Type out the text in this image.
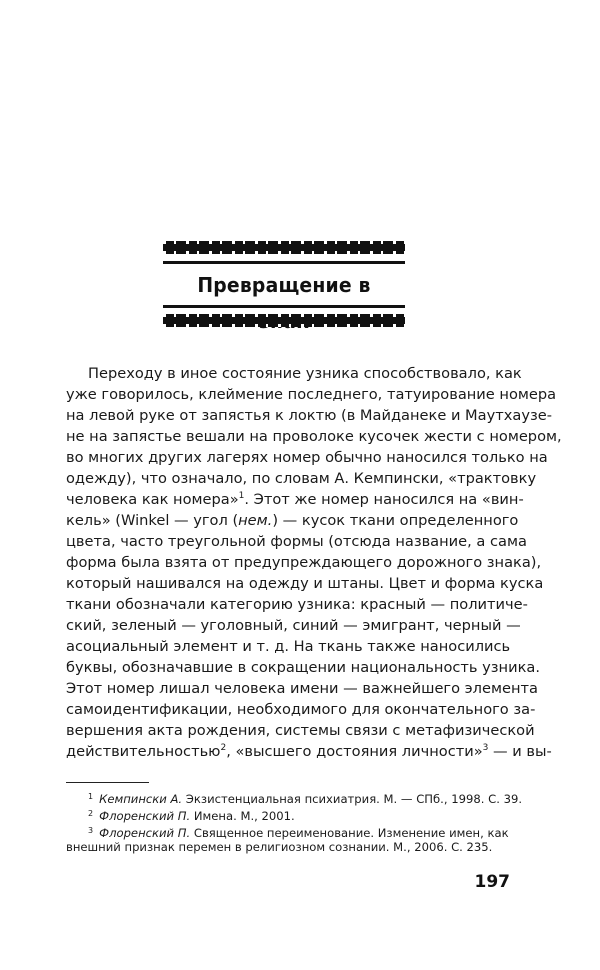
Превращение в
Переходу в иное состояние узника способствовало, как
уже говорилось, клеймение последнего, татуирование номера
на левой руке от запястья к локтю (в Майданеке и Маутхаузе-
не на запястье вешали на проволоке кусочек жести с номером,
во многих других лагерях номер обычно наносился только на
одежду), что означало, по словам А. Кемпински, «трактовку
человека как номера»$^1$. Этот же номер наносился на «вин-
кель» (Winkel — угол (нем.) — кусок ткани определенного
цвета, часто треугольной формы (отсюда название, а сама
форма была взята от предупреждающего дорожного знака),
который нашивался на одежду и штаны. Цвет и форма куска
ткани обозначали категорию узника: красный — политиче-
ский, зеленый — уголовный, синий — эмигрант, черный —
асоциальный элемент и т. д. На ткань также наносились
буквы, обозначавшие в сокращении национальность узника.
Этот номер лишал человека имени — важнейшего элемента
самоидентификации, необходимого для окончательного за-
вершения акта рождения, системы связи с метафизической
действительностью$^2$, «высшего достояния личности»$^3$ — и вы-
$^1$ Кемпински А. Экзистенциальная психиатрия. М. — СПб., 1998. С. 39.
$^2$ Флоренский П. Имена. М., 2001.
$^3$ Флоренский П. Священное переименование. Изменение имен, как
внешний признак перемен в религиозном сознании. М., 2006. С. 235.
197
